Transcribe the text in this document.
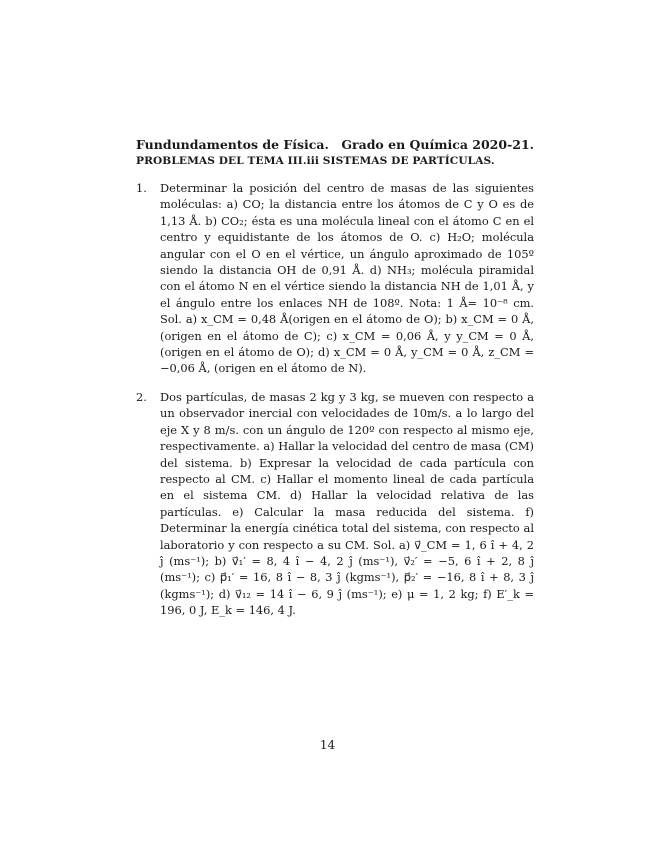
Fundundamentos de Física. Grado en Química 2020-21.
PROBLEMAS DEL TEMA III.iii SISTEMAS DE PARTÍCULAS.
1.	Determinar la posición del centro de masas de las siguientes moléculas: a) CO; la distancia entre los átomos de C y O es de 1,13 Å. b) CO₂; ésta es una molécula lineal con el átomo C en el centro y equidistante de los átomos de O. c) H₂O; molécula angular con el O en el vértice, un ángulo aproximado de 105º siendo la distancia OH de 0,91 Å. d) NH₃; molécula piramidal con el átomo N en el vértice siendo la distancia NH de 1,01 Å, y el ángulo entre los enlaces NH de 108º. Nota: 1 Å= 10⁻⁸ cm. Sol. a) x_CM = 0,48 Å(origen en el átomo de O); b) x_CM = 0 Å, (origen en el átomo de C); c) x_CM = 0,06 Å, y y_CM = 0 Å, (origen en el átomo de O); d) x_CM = 0 Å, y_CM = 0 Å, z_CM = −0,06 Å, (origen en el átomo de N).
2.	Dos partículas, de masas 2 kg y 3 kg, se mueven con respecto a un observador inercial con velocidades de 10m/s. a lo largo del eje X y 8 m/s. con un ángulo de 120º con respecto al mismo eje, respectivamente. a) Hallar la velocidad del centro de masa (CM) del sistema. b) Expresar la velocidad de cada partícula con respecto al CM. c) Hallar el momento lineal de cada partícula en el sistema CM. d) Hallar la velocidad relativa de las partículas. e) Calcular la masa reducida del sistema. f) Determinar la energía cinética total del sistema, con respecto al laboratorio y con respecto a su CM. Sol. a) v⃗_CM = 1, 6 î + 4, 2 ĵ (ms⁻¹); b) v⃗₁′ = 8, 4 î − 4, 2 ĵ (ms⁻¹), v⃗₂′ = −5, 6 î + 2, 8 ĵ (ms⁻¹); c) p⃗₁′ = 16, 8 î − 8, 3 ĵ (kgms⁻¹), p⃗₂′ = −16, 8 î + 8, 3 ĵ (kgms⁻¹); d) v⃗₁₂ = 14 î − 6, 9 ĵ (ms⁻¹); e) μ = 1, 2 kg; f) E′_k = 196, 0 J, E_k = 146, 4 J.
14
